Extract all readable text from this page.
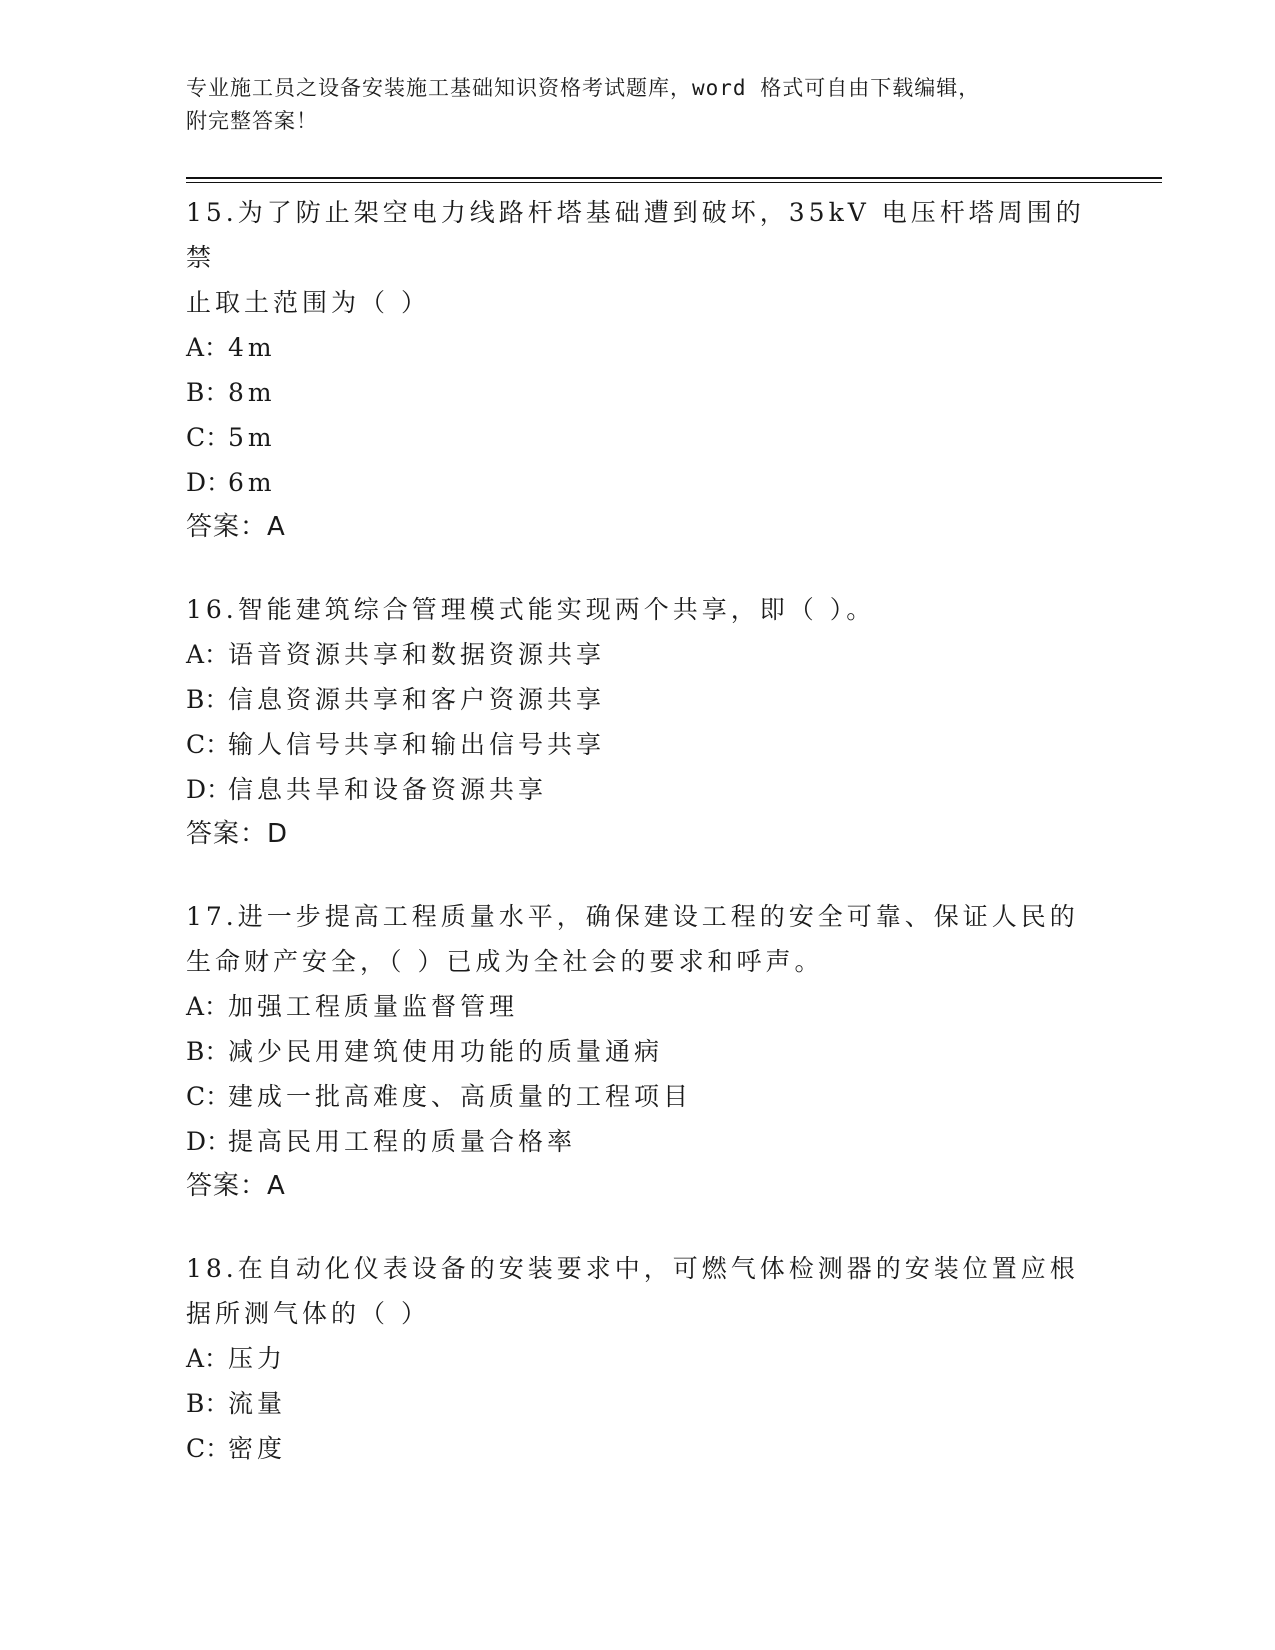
专业施工员之设备安装施工基础知识资格考试题库，word 格式可自由下载编辑，
附完整答案！

15.为了防止架空电力线路杆塔基础遭到破坏，35kV 电压杆塔周围的禁

止取土范围为（ ）

A：4m

B：8m

C：5m

D：6m

答案：A

16.智能建筑综合管理模式能实现两个共享，即（ ）。

A：语音资源共享和数据资源共享

B：信息资源共享和客户资源共享

C：输人信号共享和输出信号共享

D：信息共旱和设备资源共享

答案：D

17.进一步提高工程质量水平，确保建设工程的安全可靠、保证人民的

生命财产安全，（ ）已成为全社会的要求和呼声。

A：加强工程质量监督管理

B：减少民用建筑使用功能的质量通病

C：建成一批高难度、高质量的工程项目

D：提高民用工程的质量合格率

答案：A

18.在自动化仪表设备的安装要求中，可燃气体检测器的安装位置应根

据所测气体的（ ）

A：压力

B：流量

C：密度
